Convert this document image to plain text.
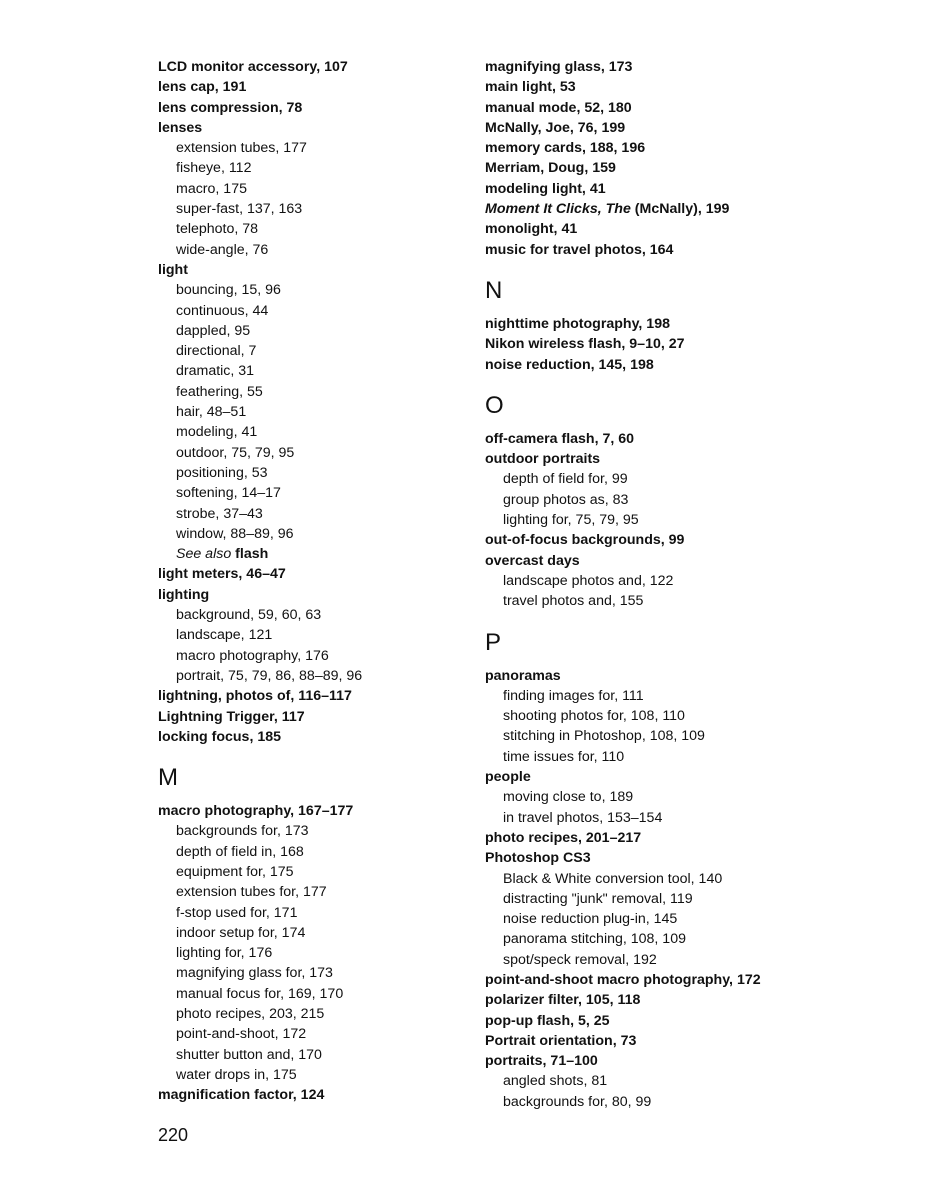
LCD monitor accessory, 107
lens cap, 191
lens compression, 78
lenses
extension tubes, 177
fisheye, 112
macro, 175
super-fast, 137, 163
telephoto, 78
wide-angle, 76
light
bouncing, 15, 96
continuous, 44
dappled, 95
directional, 7
dramatic, 31
feathering, 55
hair, 48–51
modeling, 41
outdoor, 75, 79, 95
positioning, 53
softening, 14–17
strobe, 37–43
window, 88–89, 96
See also flash
light meters, 46–47
lighting
background, 59, 60, 63
landscape, 121
macro photography, 176
portrait, 75, 79, 86, 88–89, 96
lightning, photos of, 116–117
Lightning Trigger, 117
locking focus, 185
M
macro photography, 167–177
backgrounds for, 173
depth of field in, 168
equipment for, 175
extension tubes for, 177
f-stop used for, 171
indoor setup for, 174
lighting for, 176
magnifying glass for, 173
manual focus for, 169, 170
photo recipes, 203, 215
point-and-shoot, 172
shutter button and, 170
water drops in, 175
magnification factor, 124
magnifying glass, 173
main light, 53
manual mode, 52, 180
McNally, Joe, 76, 199
memory cards, 188, 196
Merriam, Doug, 159
modeling light, 41
Moment It Clicks, The (McNally), 199
monolight, 41
music for travel photos, 164
N
nighttime photography, 198
Nikon wireless flash, 9–10, 27
noise reduction, 145, 198
O
off-camera flash, 7, 60
outdoor portraits
depth of field for, 99
group photos as, 83
lighting for, 75, 79, 95
out-of-focus backgrounds, 99
overcast days
landscape photos and, 122
travel photos and, 155
P
panoramas
finding images for, 111
shooting photos for, 108, 110
stitching in Photoshop, 108, 109
time issues for, 110
people
moving close to, 189
in travel photos, 153–154
photo recipes, 201–217
Photoshop CS3
Black & White conversion tool, 140
distracting "junk" removal, 119
noise reduction plug-in, 145
panorama stitching, 108, 109
spot/speck removal, 192
point-and-shoot macro photography, 172
polarizer filter, 105, 118
pop-up flash, 5, 25
Portrait orientation, 73
portraits, 71–100
angled shots, 81
backgrounds for, 80, 99
220
